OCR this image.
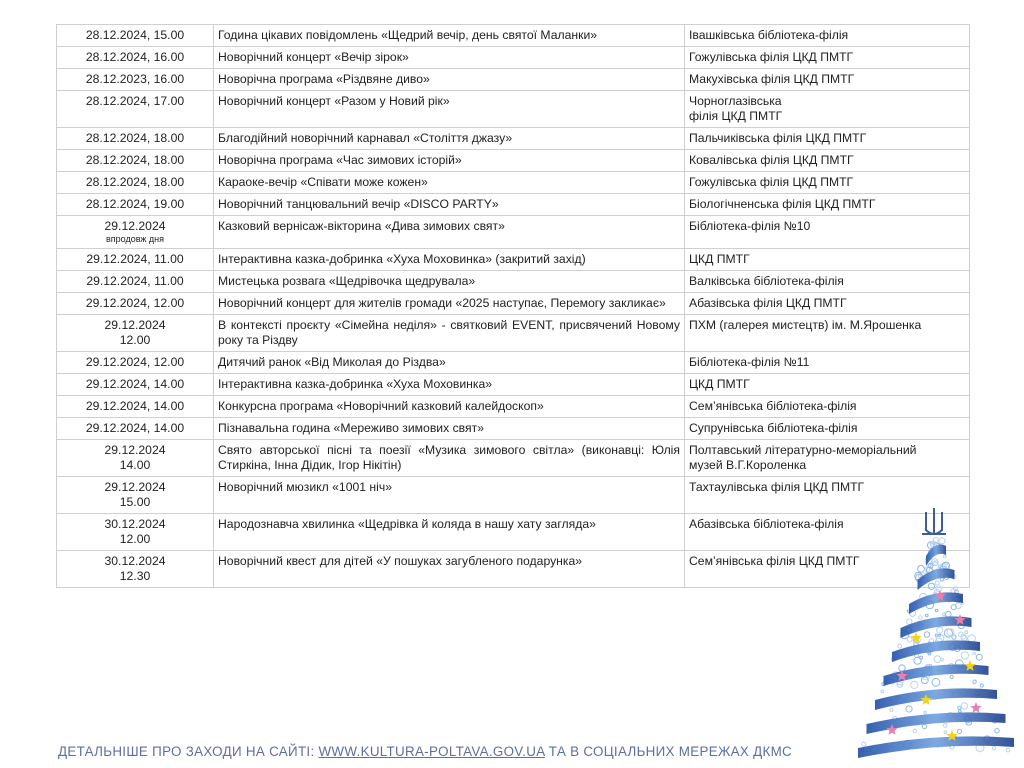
28.12.2024, 15.00	Година цікавих повідомлень «Щедрий вечір, день святої Маланки»	Івашківська бібліотека-філія

28.12.2024, 16.00	Новорічний концерт «Вечір зірок»	Гожулівська філія ЦКД ПМТГ

28.12.2023, 16.00	Новорічна програма «Різдвяне диво»	Макухівська філія ЦКД ПМТГ

28.12.2024, 17.00	Новорічний концерт «Разом у Новий рік»	Чорноглазівська
філія ЦКД ПМТГ

28.12.2024, 18.00	Благодійний новорічний карнавал «Століття джазу»	Пальчиківська філія ЦКД ПМТГ

28.12.2024, 18.00	Новорічна програма «Час зимових історій»	Ковалівська філія ЦКД ПМТГ

28.12.2024, 18.00	Караоке-вечір «Співати може кожен»	Гожулівська філія ЦКД ПМТГ

28.12.2024, 19.00	Новорічний танцювальний вечір «DISCO PARTY»	Біологічненська філія ЦКД ПМТГ

29.12.2024
впродовж дня	Казковий вернісаж-вікторина «Дива зимових свят»	Бібліотека-філія №10

29.12.2024, 11.00	Інтерактивна казка-добринка «Хуха Моховинка» (закритий захід)	ЦКД ПМТГ

29.12.2024, 11.00	Мистецька розвага «Щедрівочка щедрувала»	Валківська бібліотека-філія

29.12.2024, 12.00	Новорічний концерт для жителів громади «2025 наступає, Перемогу закликає»	Абазівська філія ЦКД ПМТГ

29.12.2024
12.00	В контексті проєкту «Сімейна неділя» - святковий EVENT, присвячений Новому року та Різдву	ПХМ (галерея мистецтв) ім. М.Ярошенка

29.12.2024, 12.00	Дитячий ранок «Від Миколая до Різдва»	Бібліотека-філія №11

29.12.2024, 14.00	Інтерактивна казка-добринка «Хуха Моховинка»	ЦКД ПМТГ

29.12.2024, 14.00	Конкурсна програма «Новорічний казковий калейдоскоп»	Сем’янівська бібліотека-філія

29.12.2024, 14.00	Пізнавальна година «Мереживо зимових свят»	Супрунівська бібліотека-філія

29.12.2024
14.00	Свято авторської пісні та поезії «Музика зимового світла» (виконавці: Юлія Стиркіна, Інна Дідик, Ігор Нікітін)	Полтавський літературно-меморіальний
музей В.Г.Короленка

29.12.2024
15.00	Новорічний мюзикл «1001 ніч»	Тахтаулівська філія ЦКД ПМТГ

30.12.2024
12.00	Народознавча хвилинка «Щедрівка й коляда в нашу хату загляда»	Абазівська бібліотека-філія

30.12.2024
12.30	Новорічний квест для дітей «У пошуках загубленого подарунка»	Сем’янівська філія ЦКД ПМТГ
ДЕТАЛЬНІШЕ ПРО ЗАХОДИ НА САЙТІ: WWW.KULTURA-POLTAVA.GOV.UA ТА В СОЦІАЛЬНИХ МЕРЕЖАХ ДКМС
